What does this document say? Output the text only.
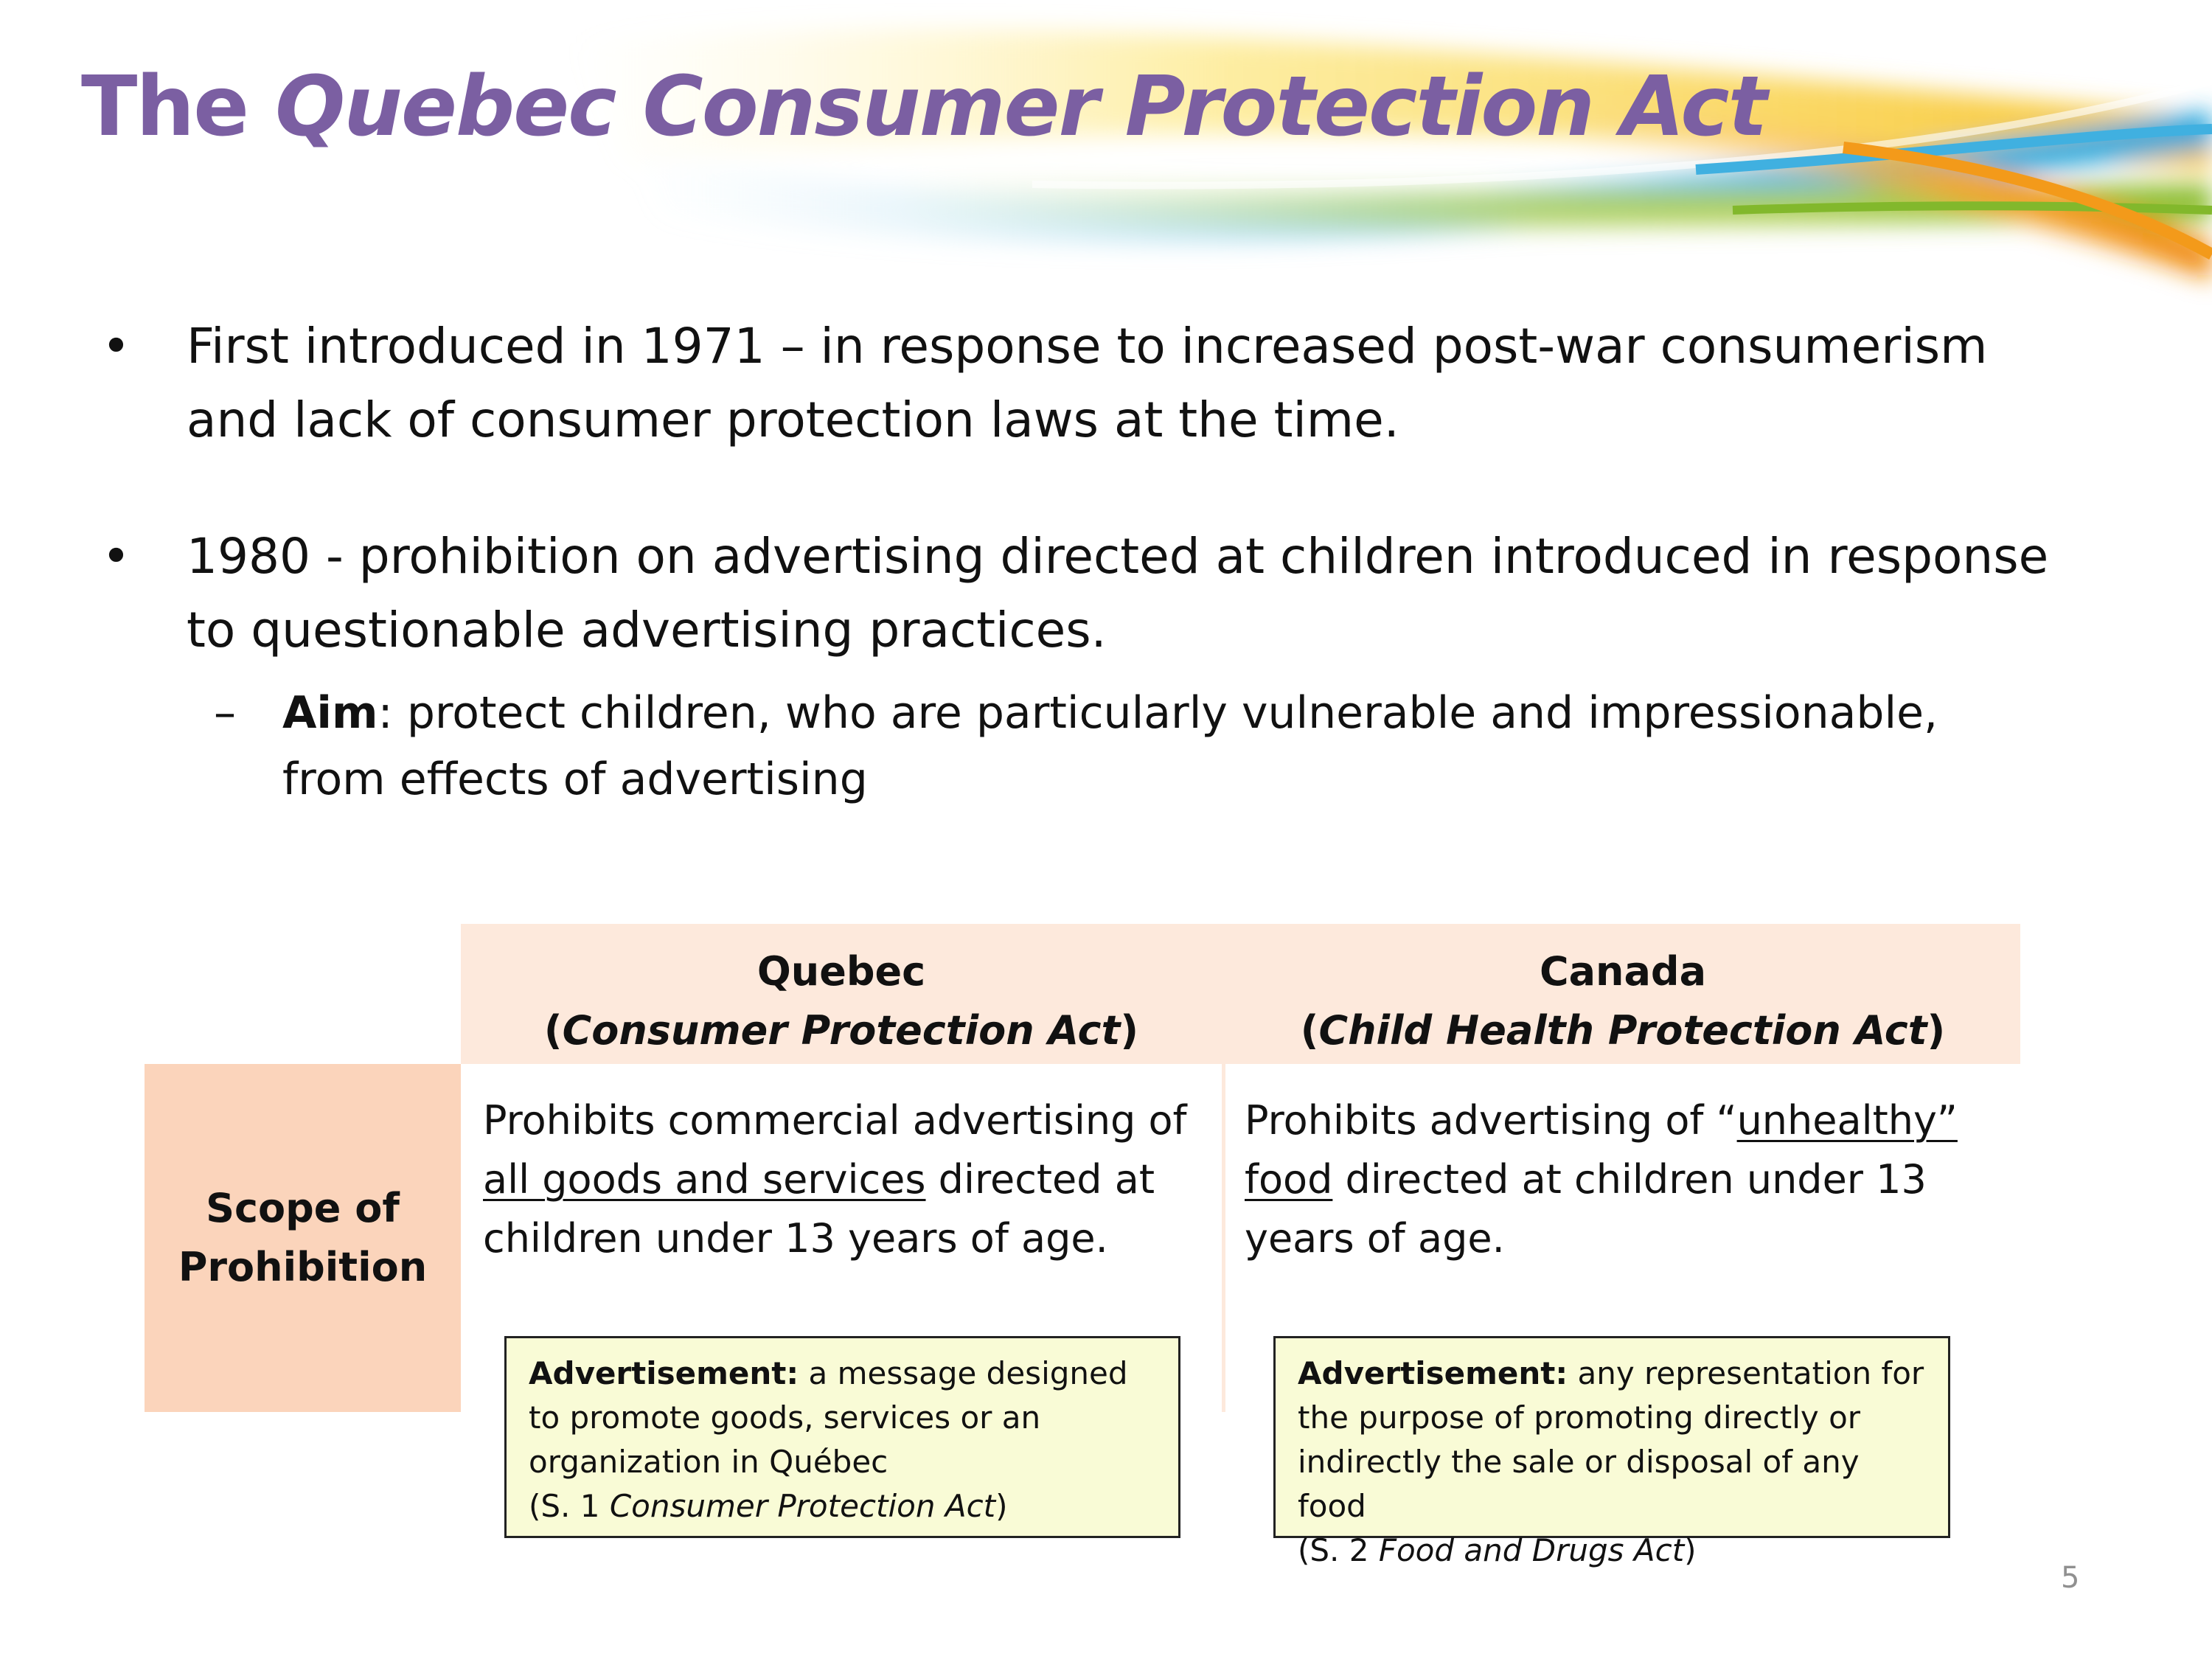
The Quebec Consumer Protection Act
• First introduced in 1971 – in response to increased post-war consumerism and lack of consumer protection laws at the time.
• 1980 - prohibition on advertising directed at children introduced in response to questionable advertising practices.
– Aim: protect children, who are particularly vulnerable and impressionable, from effects of advertising
Quebec
(Consumer Protection Act)
Canada
(Child Health Protection Act)
Scope of
Prohibition
Prohibits commercial advertising of all goods and services directed at children under 13 years of age.
Prohibits advertising of “unhealthy” food directed at children under 13 years of age.
Advertisement: a message designed to promote goods, services or an organization in Québec
(S. 1 Consumer Protection Act)
Advertisement: any representation for the purpose of promoting directly or indirectly the sale or disposal of any food
(S. 2 Food and Drugs Act)
5
